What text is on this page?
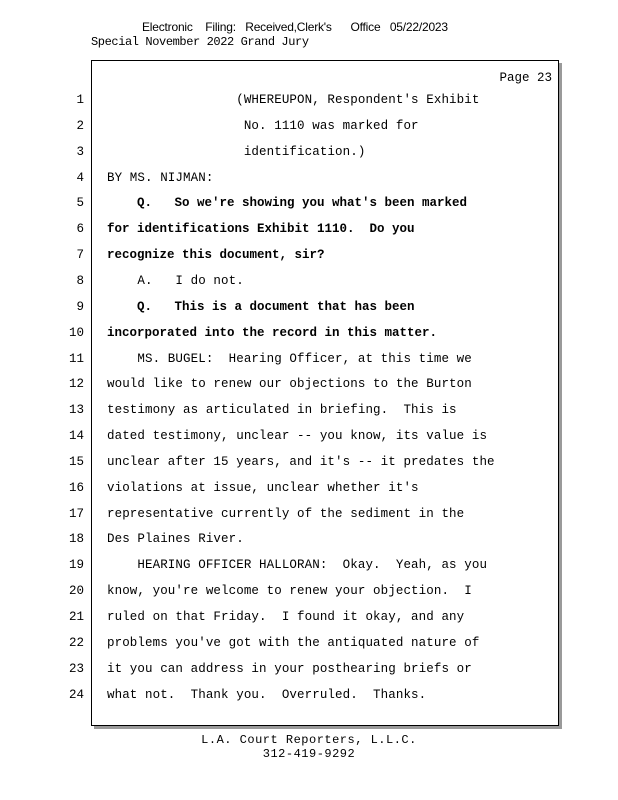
Electronic    Filing:   Received,Clerk's      Office   05/22/2023
Special November 2022 Grand Jury
Page 23
1 (WHEREUPON, Respondent's Exhibit
2 No. 1110 was marked for
3 identification.)
4 BY MS. NIJMAN:
5 Q.   So we're showing you what's been marked
6 for identifications Exhibit 1110.  Do you
7 recognize this document, sir?
8 A.   I do not.
9 Q.   This is a document that has been
10 incorporated into the record in this matter.
11 MS. BUGEL:  Hearing Officer, at this time we
12 would like to renew our objections to the Burton
13 testimony as articulated in briefing.  This is
14 dated testimony, unclear -- you know, its value is
15 unclear after 15 years, and it's -- it predates the
16 violations at issue, unclear whether it's
17 representative currently of the sediment in the
18 Des Plaines River.
19 HEARING OFFICER HALLORAN:  Okay.  Yeah, as you
20 know, you're welcome to renew your objection.  I
21 ruled on that Friday.  I found it okay, and any
22 problems you've got with the antiquated nature of
23 it you can address in your posthearing briefs or
24 what not.  Thank you.  Overruled.  Thanks.
L.A. Court Reporters, L.L.C.
312-419-9292
